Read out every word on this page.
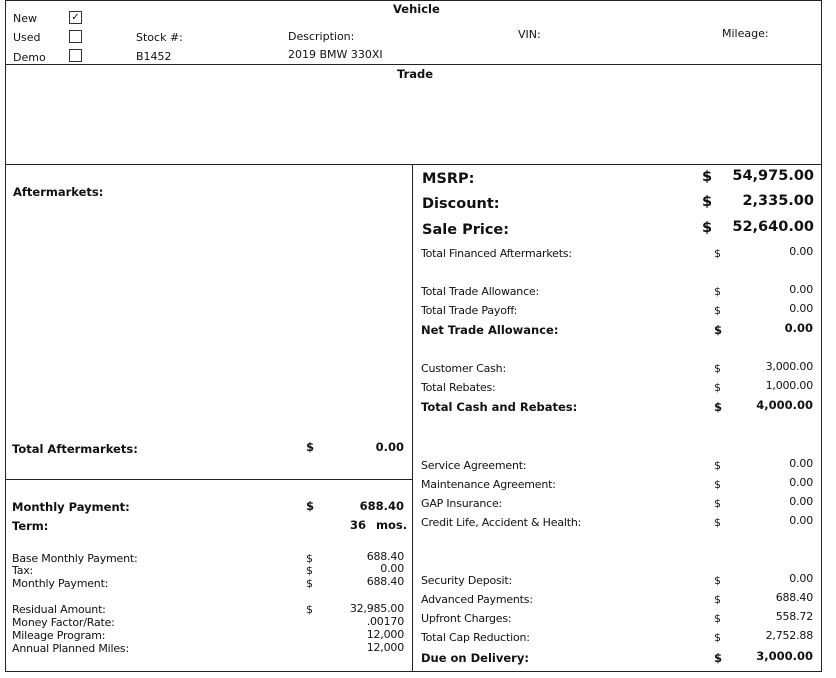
Vehicle
New	✓
Used
Demo
Stock #:
B1452
Description:
2019 BMW 330XI
VIN:	Mileage:
Trade
Aftermarkets:
Total Aftermarkets:	$	0.00
Monthly Payment:	$	688.40
Term:	36 mos.
Base Monthly Payment:	$	688.40
Tax:	$	0.00
Monthly Payment:	$	688.40
Residual Amount:	$	32,985.00
Money Factor/Rate:	.00170
Mileage Program:	12,000
Annual Planned Miles:	12,000
MSRP:	$	54,975.00
Discount:	$	2,335.00
Sale Price:	$	52,640.00
Total Financed Aftermarkets:	$	0.00
Total Trade Allowance:	$	0.00
Total Trade Payoff:	$	0.00
Net Trade Allowance:	$	0.00
Customer Cash:	$	3,000.00
Total Rebates:	$	1,000.00
Total Cash and Rebates:	$	4,000.00
Service Agreement:	$	0.00
Maintenance Agreement:	$	0.00
GAP Insurance:	$	0.00
Credit Life, Accident & Health:	$	0.00
Security Deposit:	$	0.00
Advanced Payments:	$	688.40
Upfront Charges:	$	558.72
Total Cap Reduction:	$	2,752.88
Due on Delivery:	$	3,000.00
